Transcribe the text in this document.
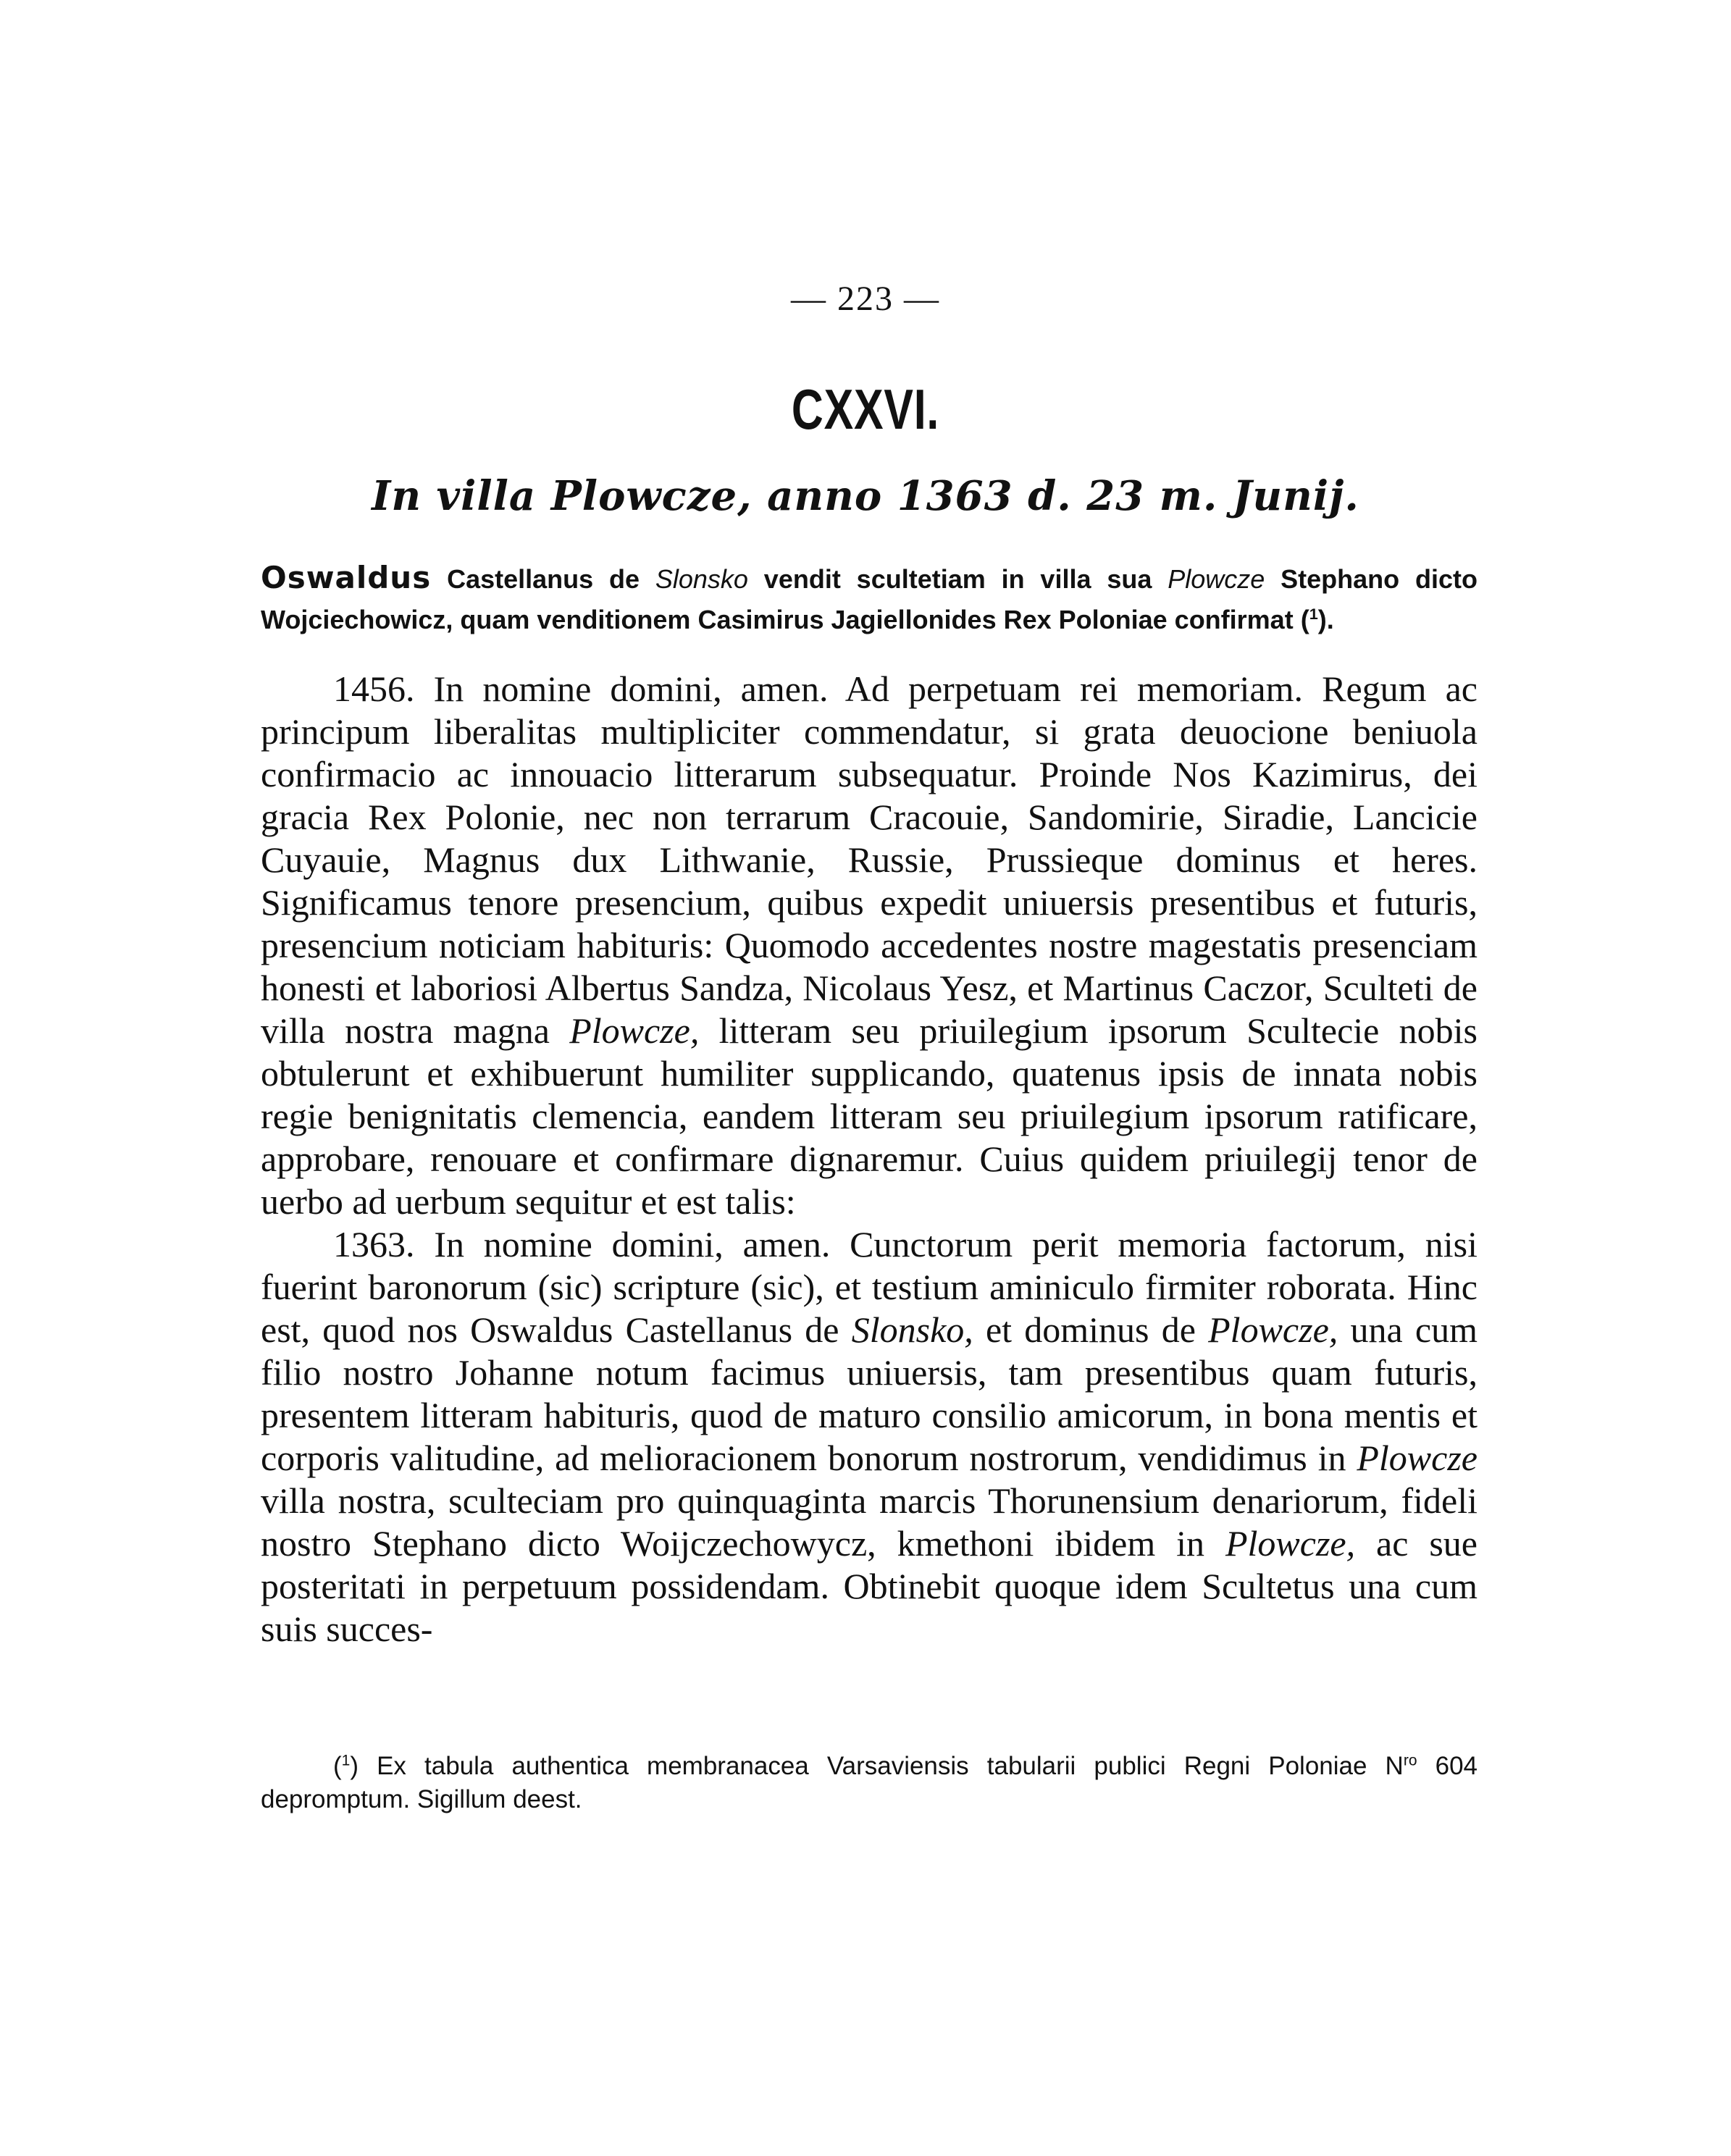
— 223 —
CXXVI.
In villa Plowcze, anno 1363 d. 23 m. Junij.
Oswaldus Castellanus de Slonsko vendit scultetiam in villa sua Plowcze Stephano dicto Wojciechowicz, quam venditionem Casimirus Jagiellonides Rex Poloniae confirmat ($^1$).

1456. In nomine domini, amen. Ad perpetuam rei memoriam. Regum ac principum liberalitas multipliciter commendatur, si grata deuocione beniuola confirmacio ac innouacio litterarum subsequatur. Proinde Nos Kazimirus, dei gracia Rex Polonie, nec non terrarum Cracouie, Sandomirie, Siradie, Lancicie Cuyauie, Magnus dux Lithwanie, Russie, Prussieque dominus et heres. Significamus tenore presencium, quibus expedit uniuersis presentibus et futuris, presencium noticiam habituris: Quomodo accedentes nostre magestatis presenciam honesti et laboriosi Albertus Sandza, Nicolaus Yesz, et Martinus Caczor, Sculteti de villa nostra magna Plowcze, litteram seu priuilegium ipsorum Scultecie nobis obtulerunt et exhibuerunt humiliter supplicando, quatenus ipsis de innata nobis regie benignitatis clemencia, eandem litteram seu priuilegium ipsorum ratificare, approbare, renouare et confirmare dignaremur. Cuius quidem priuilegij tenor de uerbo ad uerbum sequitur et est talis:

1363. In nomine domini, amen. Cunctorum perit memoria factorum, nisi fuerint baronorum (sic) scripture (sic), et testium aminiculo firmiter roborata. Hinc est, quod nos Oswaldus Castellanus de Slonsko, et dominus de Plowcze, una cum filio nostro Johanne notum facimus uniuersis, tam presentibus quam futuris, presentem litteram habituris, quod de maturo consilio amicorum, in bona mentis et corporis valitudine, ad melioracionem bonorum nostrorum, vendidimus in Plowcze villa nostra, sculteciam pro quinquaginta marcis Thorunensium denariorum, fideli nostro Stephano dicto Woijczechowycz, kmethoni ibidem in Plowcze, ac sue posteritati in perpetuum possidendam. Obtinebit quoque idem Scultetus una cum suis succes-

($^1$) Ex tabula authentica membranacea Varsaviensis tabularii publici Regni Poloniae $N^{ro}$ 604 depromptum. Sigillum deest.
